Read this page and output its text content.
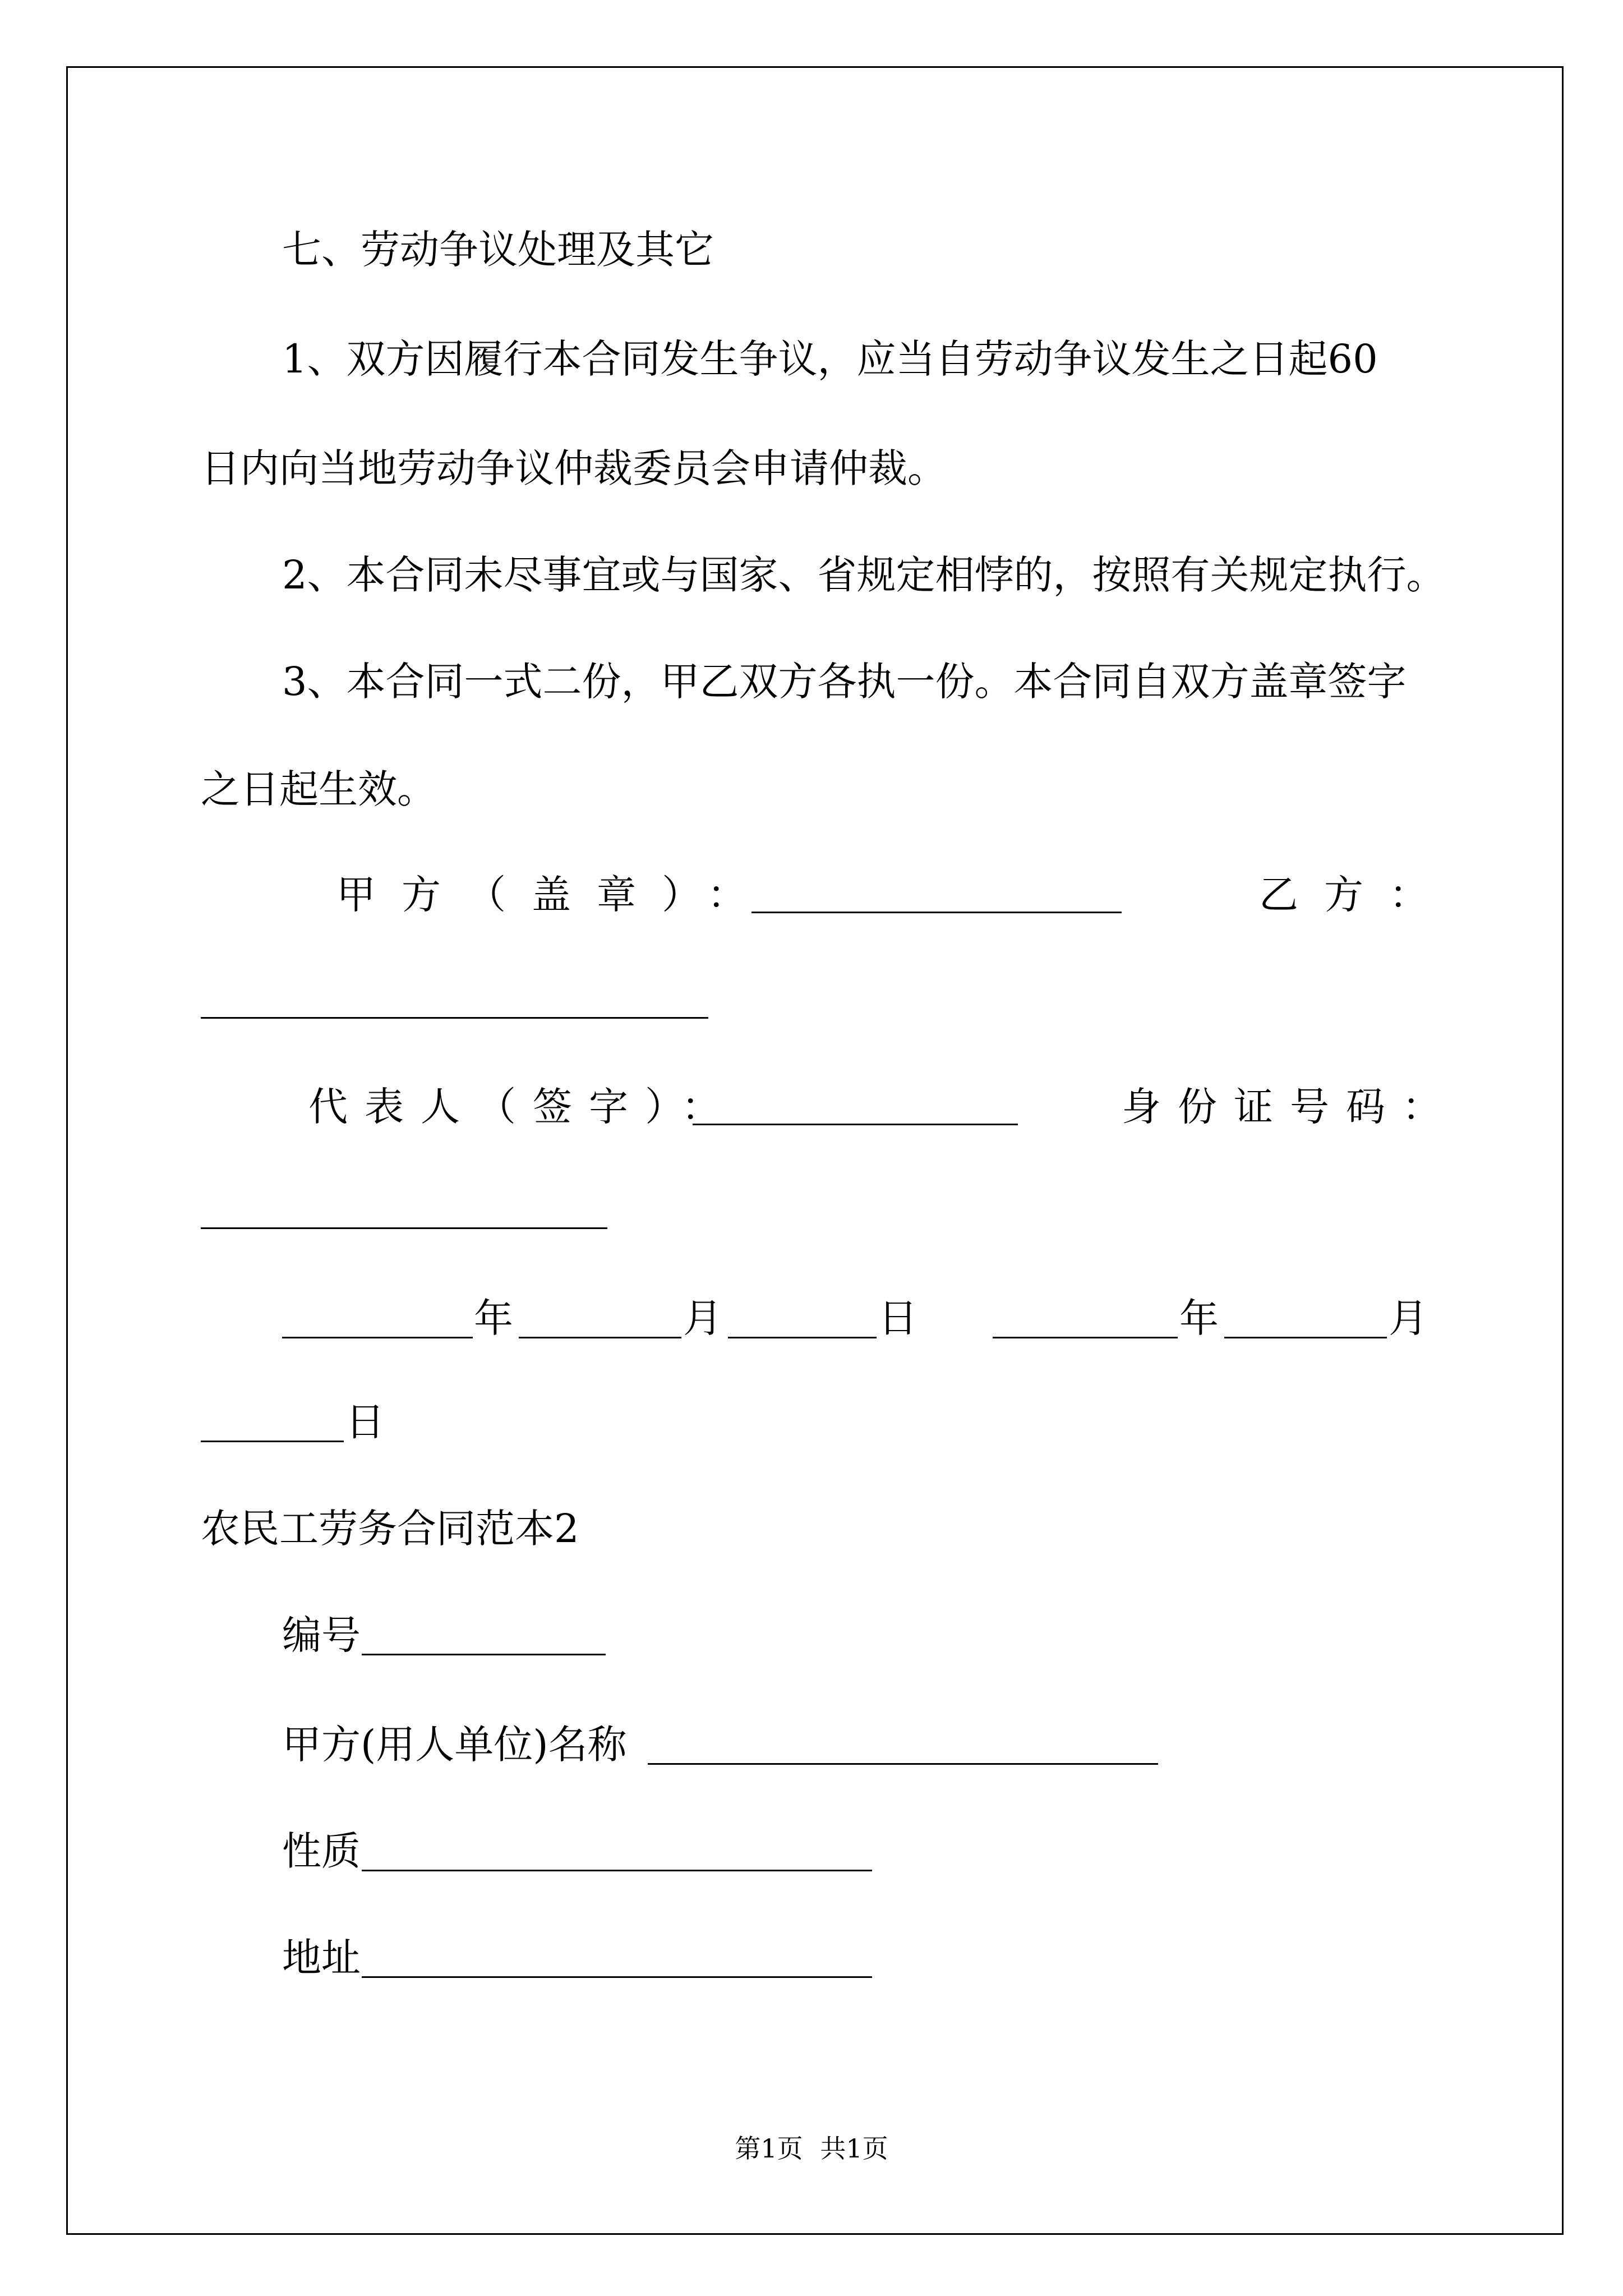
七、劳动争议处理及其它

1、双方因履行本合同发生争议，应当自劳动争议发生之日起60

日内向当地劳动争议仲裁委员会申请仲裁。

2、本合同未尽事宜或与国家、省规定相悖的，按照有关规定执行。

3、本合同一式二份，甲乙双方各执一份。本合同自双方盖章签字

之日起生效。

甲方（盖章）：	乙方：

代表人（签字）：	身份证号码：

年	月	日	年	月

日

农民工劳务合同范本2

编号

甲方(用人单位)名称

性质

地址

第1页 共1页
